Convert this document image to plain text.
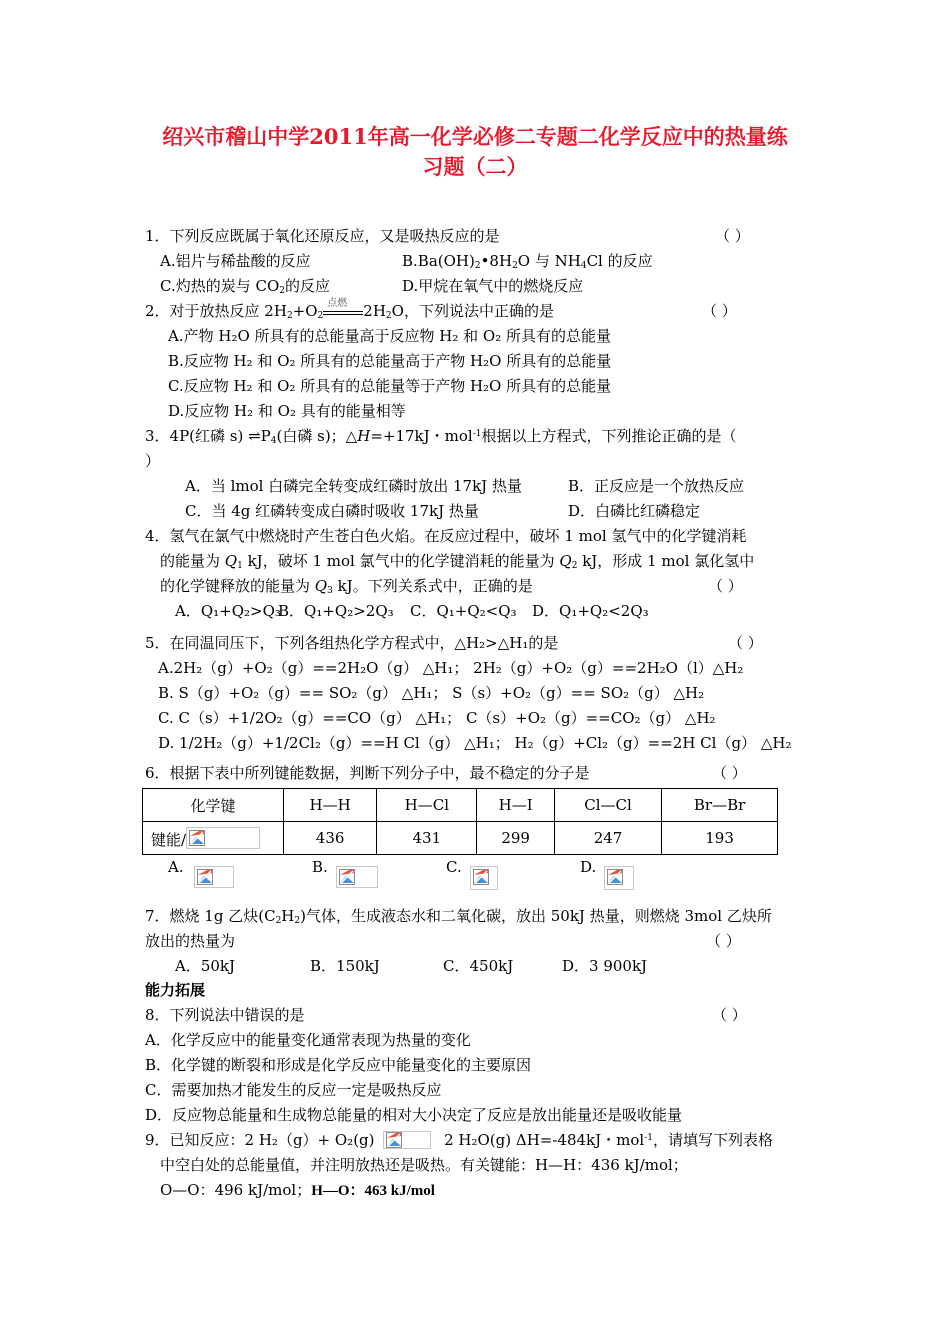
绍兴市稽山中学2011年高一化学必修二专题二化学反应中的热量练
习题（二）
1．下列反应既属于氧化还原反应，又是吸热反应的是	（ ）
A.铝片与稀盐酸的反应	$B.Ba(OH)_2•8H_2O$ 与 $NH_4Cl$ 的反应
C.灼热的炭与 $CO_2$的反应	D.甲烷在氧气中的燃烧反应
2．对于放热反应 $2H_2+O_2$
点燃 $2H_2O$，下列说法中正确的是	（ ）
A.产物 H₂O 所具有的总能量高于反应物 H₂ 和 O₂ 所具有的总能量
B.反应物 H₂ 和 O₂ 所具有的总能量高于产物 H₂O 所具有的总能量
C.反应物 H₂ 和 O₂ 所具有的总能量等于产物 H₂O 所具有的总能量
D.反应物 H₂ 和 O₂ 具有的能量相等
3．4P(红磷 s) $\rightleftharpoons P_4$(白磷 s)；△H=+17kJ・mol$^{-1}$根据以上方程式，下列推论正确的是（
）
A．当 lmol 白磷完全转变成红磷时放出 17kJ 热量	B．正反应是一个放热反应
C．当 4g 红磷转变成白磷时吸收 17kJ 热量	D．白磷比红磷稳定
4．氢气在氯气中燃烧时产生苍白色火焰。在反应过程中，破坏 1 mol 氢气中的化学键消耗
的能量为 $Q_1$ kJ，破坏 1 mol 氯气中的化学键消耗的能量为 $Q_2$ kJ，形成 1 mol 氯化氢中
的化学键释放的能量为 $Q_3$ kJ。下列关系式中，正确的是	（ ）
A．Q₁+Q₂>Q₃
B．Q₁+Q₂>2Q₃ C．Q₁+Q₂<Q₃ D．Q₁+Q₂<2Q₃
5．在同温同压下，下列各组热化学方程式中，△H₂>△H₁的是	（ ）
A.2H₂（g）+O₂（g）==2H₂O（g） △H₁； 2H₂（g）+O₂（g）==2H₂O（l）△H₂
B. S（g）+O₂（g）== SO₂（g） △H₁； S（s）+O₂（g）== SO₂（g） △H₂
C. C（s）+1/2O₂（g）==CO（g） △H₁； C（s）+O₂（g）==CO₂（g） △H₂
D. 1/2H₂（g）+1/2Cl₂（g）==H Cl（g） △H₁； H₂（g）+Cl₂（g）==2H Cl（g） △H₂
6．根据下表中所列键能数据，判断下列分子中，最不稳定的分子是	（ ）
化学键	H—H	H—Cl	H—I	Cl—Cl	Br—Br
键能/	436	431	299	247	193
A.	B.	C.	D.
7．燃烧 1g 乙炔$(C_2H_2)$气体，生成液态水和二氧化碳，放出 50kJ 热量，则燃烧 3mol 乙炔所
放出的热量为	（ ）
A．50kJ	B．150kJ	C．450kJ	D．3 900kJ
能力拓展
8．下列说法中错误的是	（ ）
A．化学反应中的能量变化通常表现为热量的变化
B．化学键的断裂和形成是化学反应中能量变化的主要原因
C．需要加热才能发生的反应一定是吸热反应
D．反应物总能量和生成物总能量的相对大小决定了反应是放出能量还是吸收能量
9．已知反应：2 H₂（g）+ O₂(g)	2 H₂O(g) ΔH=-484kJ・mol$^{-1}$，请填写下列表格
中空白处的总能量值，并注明放热还是吸热。有关键能：H—H：436 kJ/mol；
O—O：496 kJ/mol；H—O：463 kJ/mol
